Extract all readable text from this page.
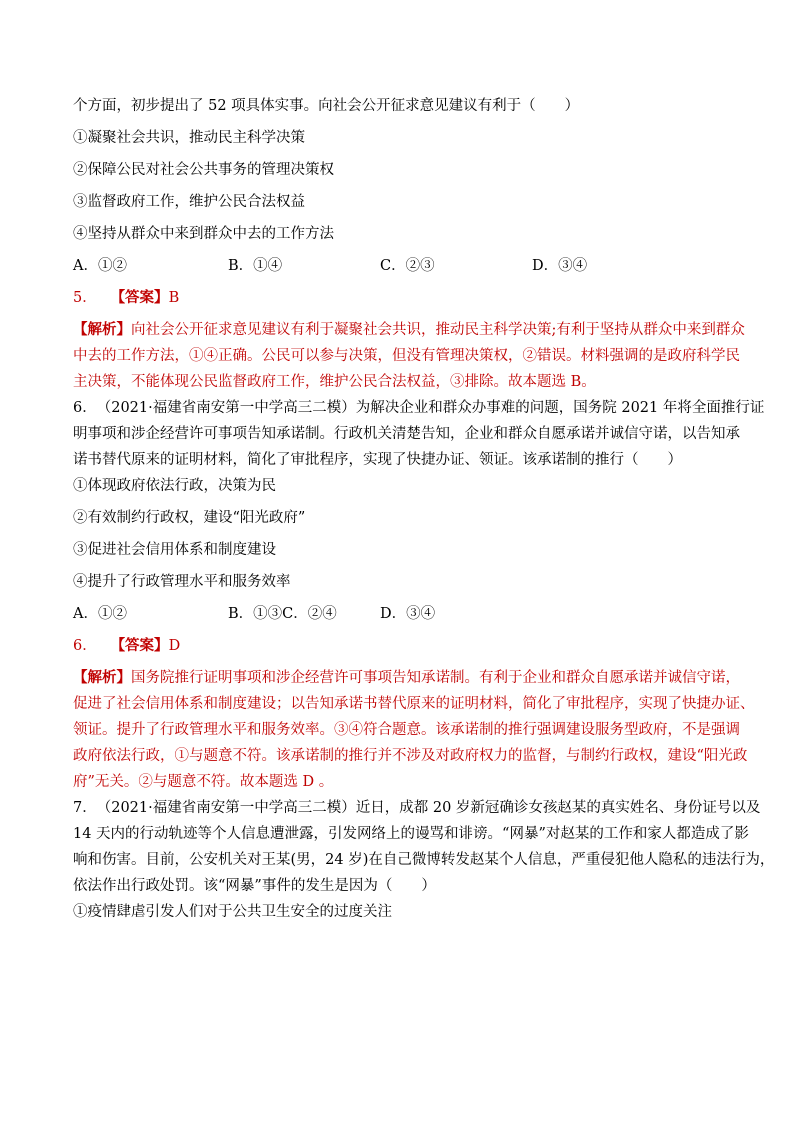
个方面，初步提出了 52 项具体实事。向社会公开征求意见建议有利于（　　）

①凝聚社会共识，推动民主科学决策

②保障公民对社会公共事务的管理决策权

③监督政府工作，维护公民合法权益

④坚持从群众中来到群众中去的工作方法

A．①②	B．①④	C．②③	D．③④

5． 【答案】B

【解析】向社会公开征求意见建议有利于凝聚社会共识，推动民主科学决策;有利于坚持从群众中来到群众

中去的工作方法，①④正确。公民可以参与决策，但没有管理决策权，②错误。材料强调的是政府科学民

主决策，不能体现公民监督政府工作，维护公民合法权益，③排除。故本题选 B。

6．　（2021·福建省南安第一中学高三二模）为解决企业和群众办事难的问题，国务院 2021 年将全面推行证

明事项和涉企经营许可事项告知承诺制。行政机关清楚告知，企业和群众自愿承诺并诚信守诺，以告知承

诺书替代原来的证明材料，简化了审批程序，实现了快捷办证、领证。该承诺制的推行（　　）

①体现政府依法行政，决策为民

②有效制约行政权，建设“阳光政府”

③促进社会信用体系和制度建设

④提升了行政管理水平和服务效率

A．①②	B．①③C．②④	D．③④

6． 【答案】D

【解析】国务院推行证明事项和涉企经营许可事项告知承诺制。有利于企业和群众自愿承诺并诚信守诺，

促进了社会信用体系和制度建设；以告知承诺书替代原来的证明材料，简化了审批程序，实现了快捷办证、

领证。提升了行政管理水平和服务效率。③④符合题意。该承诺制的推行强调建设服务型政府，不是强调

政府依法行政，①与题意不符。该承诺制的推行并不涉及对政府权力的监督，与制约行政权，建设“阳光政

府”无关。②与题意不符。故本题选 D 。

7．　（2021·福建省南安第一中学高三二模）近日，成都 20 岁新冠确诊女孩赵某的真实姓名、身份证号以及

14 天内的行动轨迹等个人信息遭泄露，引发网络上的谩骂和诽谤。“网暴”对赵某的工作和家人都造成了影

响和伤害。目前，公安机关对王某(男，24 岁)在自己微博转发赵某个人信息，严重侵犯他人隐私的违法行为，

依法作出行政处罚。该“网暴”事件的发生是因为（　　）

①疫情肆虐引发人们对于公共卫生安全的过度关注
